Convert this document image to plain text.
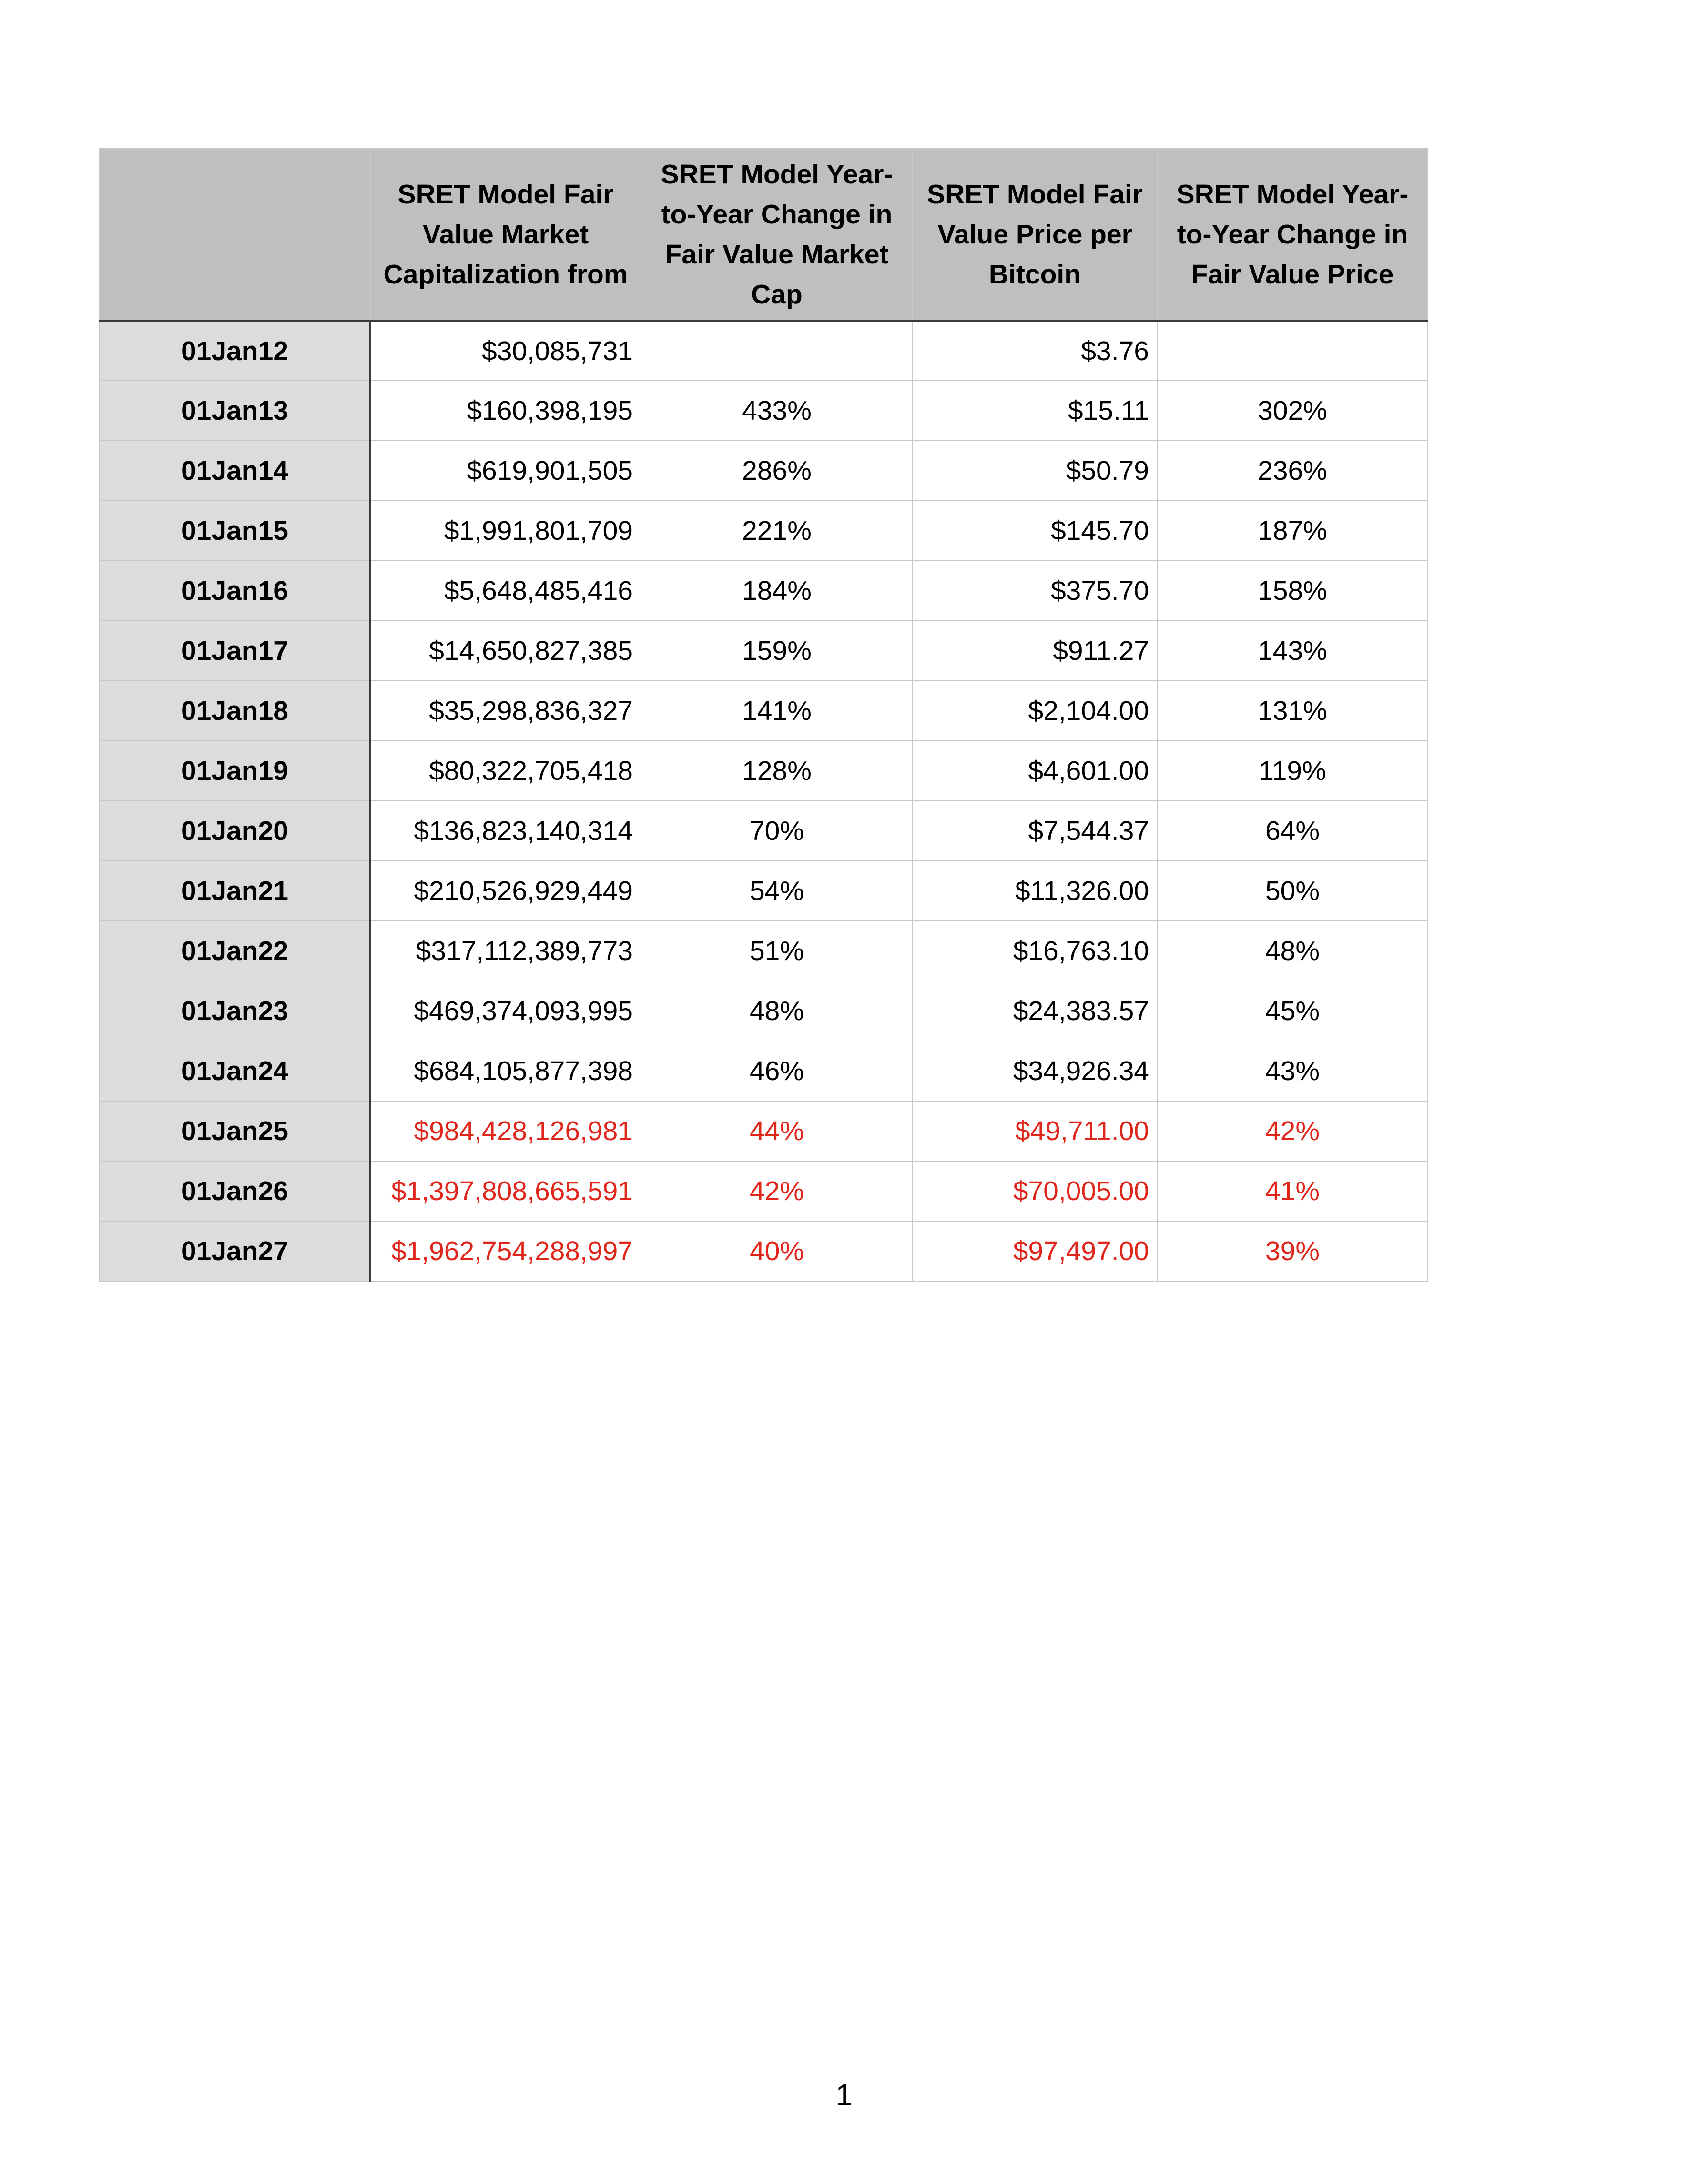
	SRET Model Fair Value Market Capitalization from	SRET Model Year-to-Year Change in Fair Value Market Cap	SRET Model Fair Value Price per Bitcoin	SRET Model Year-to-Year Change in Fair Value Price
01Jan12	$30,085,731		$3.76	
01Jan13	$160,398,195	433%	$15.11	302%
01Jan14	$619,901,505	286%	$50.79	236%
01Jan15	$1,991,801,709	221%	$145.70	187%
01Jan16	$5,648,485,416	184%	$375.70	158%
01Jan17	$14,650,827,385	159%	$911.27	143%
01Jan18	$35,298,836,327	141%	$2,104.00	131%
01Jan19	$80,322,705,418	128%	$4,601.00	119%
01Jan20	$136,823,140,314	70%	$7,544.37	64%
01Jan21	$210,526,929,449	54%	$11,326.00	50%
01Jan22	$317,112,389,773	51%	$16,763.10	48%
01Jan23	$469,374,093,995	48%	$24,383.57	45%
01Jan24	$684,105,877,398	46%	$34,926.34	43%
01Jan25	$984,428,126,981	44%	$49,711.00	42%
01Jan26	$1,397,808,665,591	42%	$70,005.00	41%
01Jan27	$1,962,754,288,997	40%	$97,497.00	39%
1
